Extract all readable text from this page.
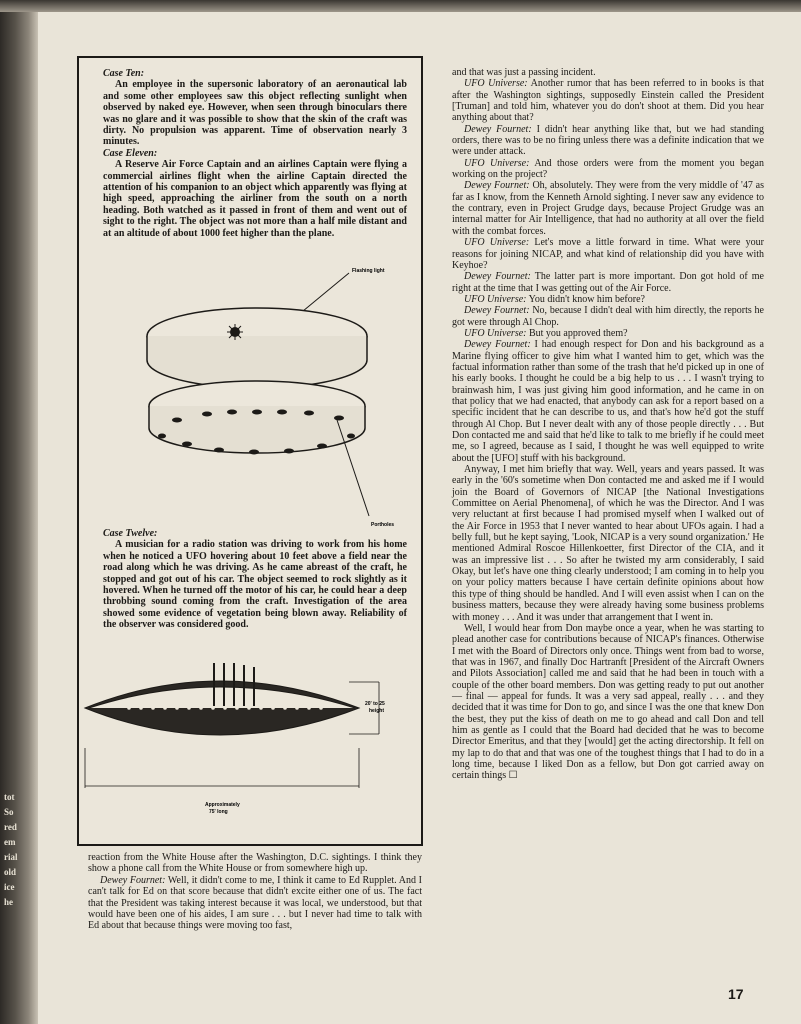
tot
So
red
em
rial
old
ice
he

Case Ten:

An employee in the supersonic laboratory of an aeronautical lab and some other employees saw this object reflecting sunlight when observed by naked eye. However, when seen through binoculars there was no glare and it was possible to show that the skin of the craft was dirty. No propulsion was apparent. Time of observation nearly 3 minutes.

Case Eleven:

A Reserve Air Force Captain and an airlines Captain were flying a commercial airlines flight when the airline Captain directed the attention of his companion to an object which apparently was flying at high speed, approaching the airliner from the south on a north heading. Both watched as it passed in front of them and went out of sight to the right. The object was not more than a half mile distant and at an altitude of about 1000 feet higher than the plane.

Flashing light
Portholes

Case Twelve:

A musician for a radio station was driving to work from his home when he noticed a UFO hovering about 10 feet above a field near the road along which he was driving. As he came abreast of the craft, he stopped and got out of his car. The object seemed to rock slightly as it hovered. When he turned off the motor of his car, he could hear a deep throbbing sound coming from the craft. Investigation of the area showed some evidence of vegetation being blown away. Reliability of the observer was considered good.

20' to 25
height
Approximately
75' long

reaction from the White House after the Washington, D.C. sightings. I think they show a phone call from the White House or from somewhere high up.

Dewey Fournet: Well, it didn't come to me, I think it came to Ed Rupplet. And I can't talk for Ed on that score because that didn't excite either one of us. The fact that the President was taking interest because it was local, we understood, but that would have been one of his aides, I am sure . . . but I never had time to talk with Ed about that because things were moving too fast,

and that was just a passing incident.

UFO Universe: Another rumor that has been referred to in books is that after the Washington sightings, supposedly Einstein called the President [Truman] and told him, whatever you do don't shoot at them. Did you hear anything about that?

Dewey Fournet: I didn't hear anything like that, but we had standing orders, there was to be no firing unless there was a definite indication that we were under attack.

UFO Universe: And those orders were from the moment you began working on the project?

Dewey Fournet: Oh, absolutely. They were from the very middle of '47 as far as I know, from the Kenneth Arnold sighting. I never saw any evidence to the contrary, even in Project Grudge days, because Project Grudge was an internal matter for Air Intelligence, that had no authority at all over the field with the combat forces.

UFO Universe: Let's move a little forward in time. What were your reasons for joining NICAP, and what kind of relationship did you have with Keyhoe?

Dewey Fournet: The latter part is more important. Don got hold of me right at the time that I was getting out of the Air Force.

UFO Universe: You didn't know him before?

Dewey Fournet: No, because I didn't deal with him directly, the reports he got were through Al Chop.

UFO Universe: But you approved them?

Dewey Fournet: I had enough respect for Don and his background as a Marine flying officer to give him what I wanted him to get, which was the factual information rather than some of the trash that he'd picked up in one of his early books. I thought he could be a big help to us . . . I wasn't trying to brainwash him, I was just giving him good information, and he came in on that policy that we had enacted, that anybody can ask for a report based on a specific incident that he can describe to us, and that's how he'd got the stuff through Al Chop. But I never dealt with any of those people directly . . . But Don contacted me and said that he'd like to talk to me briefly if he could meet me, so I agreed, because as I said, I thought he was well equipped to write about the [UFO] stuff with his background.

Anyway, I met him briefly that way. Well, years and years passed. It was early in the '60's sometime when Don contacted me and asked me if I would join the Board of Governors of NICAP [the National Investigations Committee on Aerial Phenomena], of which he was the Director. And I was very reluctant at first because I had promised myself when I walked out of the Air Force in 1953 that I never wanted to hear about UFOs again. I had a belly full, but he kept saying, 'Look, NICAP is a very sound organization.' He mentioned Admiral Roscoe Hillenkoetter, first Director of the CIA, and it was an impressive list . . . So after he twisted my arm considerably, I said Okay, but let's have one thing clearly understood; I am coming in to help you on your policy matters because I have certain definite opinions about how this type of thing should be handled. And I will even assist when I can on the business matters, because they were already having some business problems with money . . . And it was under that arrangement that I went in.

Well, I would hear from Don maybe once a year, when he was starting to plead another case for contributions because of NICAP's finances. Otherwise I met with the Board of Directors only once. Things went from bad to worse, that was in 1967, and finally Doc Hartranft [President of the Aircraft Owners and Pilots Association] called me and said that he had been in touch with a couple of the other board members. Don was getting ready to put out another — final — appeal for funds. It was a very sad appeal, really . . . and they decided that it was time for Don to go, and since I was the one that knew Don the best, they put the kiss of death on me to go ahead and call Don and tell him as gentle as I could that the Board had decided that he was to become Director Emeritus, and that they [would] get the acting directorship. It fell on my lap to do that and that was one of the toughest things that I had to do in a long time, because I liked Don as a fellow, but Don got carried away on certain things ☐

17
